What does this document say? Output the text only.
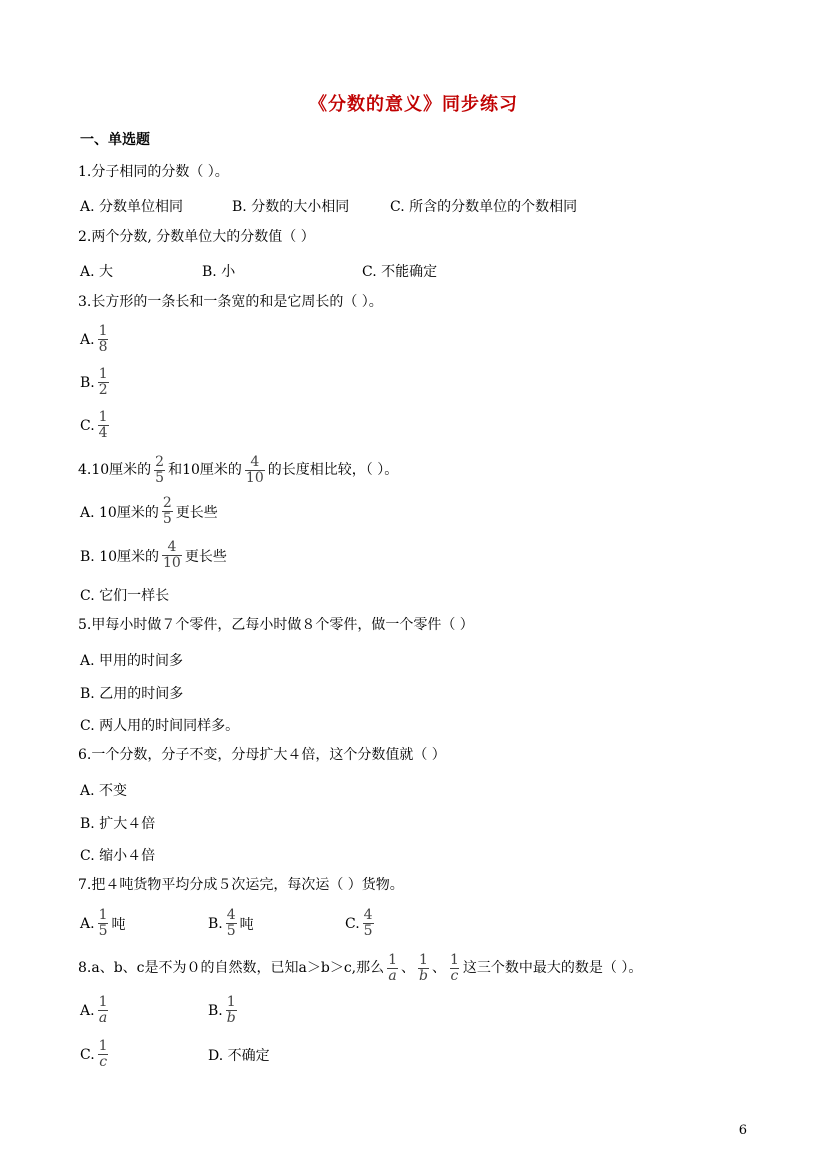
《分数的意义》同步练习
一、单选题
1.分子相同的分数（ ）。
A. 分数单位相同	B. 分数的大小相同	C. 所含的分数单位的个数相同
2.两个分数, 分数单位大的分数值（ ）
A. 大	B. 小	C. 不能确定
3.长方形的一条长和一条宽的和是它周长的（ ）。
A. $\frac{1}{8}$
B. $\frac{1}{2}$
C. $\frac{1}{4}$
4.10厘米的 $\frac{2}{5}$ 和10厘米的 $\frac{4}{10}$ 的长度相比较，（ ）。
A. 10厘米的 $\frac{2}{5}$ 更长些
B. 10厘米的 $\frac{4}{10}$ 更长些
C. 它们一样长
5.甲每小时做７个零件，乙每小时做８个零件，做一个零件（ ）
A. 甲用的时间多
B. 乙用的时间多
C. 两人用的时间同样多。
6.一个分数，分子不变，分母扩大４倍，这个分数值就（ ）
A. 不变
B. 扩大４倍
C. 缩小４倍
7.把４吨货物平均分成５次运完，每次运（ ）货物。
A. $\frac{1}{5}$ 吨	B. $\frac{4}{5}$ 吨	C. $\frac{4}{5}$
8.a、b、c是不为０的自然数，已知a＞b＞c,那么 $\frac{1}{a}$ 、 $\frac{1}{b}$ 、 $\frac{1}{c}$ 这三个数中最大的数是（ ）。
A. $\frac{1}{a}$	B. $\frac{1}{b}$
C. $\frac{1}{c}$	D. 不确定
6
